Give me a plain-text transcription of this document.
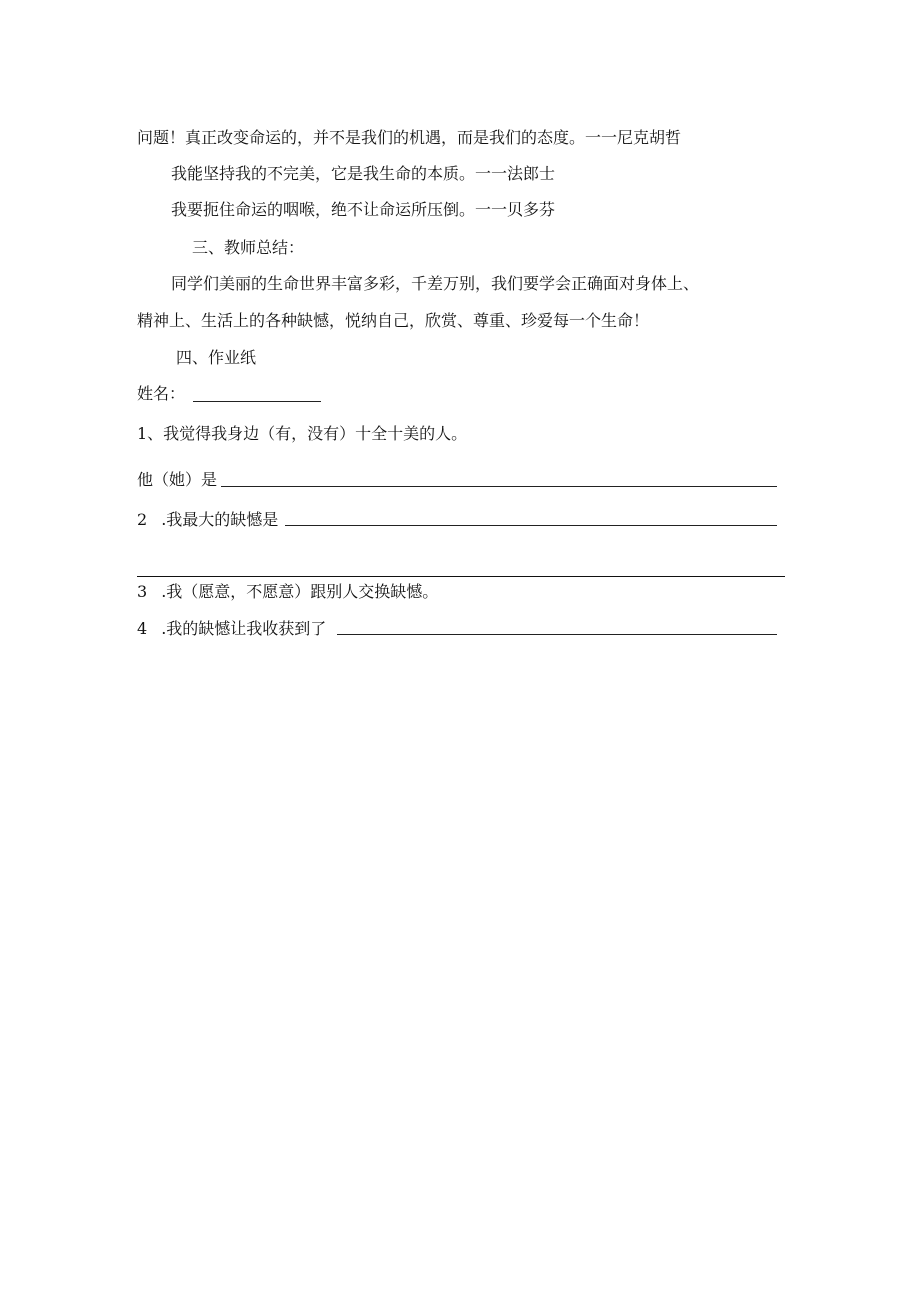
问题！真正改变命运的，并不是我们的机遇，而是我们的态度。一一尼克胡哲
我能坚持我的不完美，它是我生命的本质。一一法郎士
我要扼住命运的咽喉，绝不让命运所压倒。一一贝多芬
三、教师总结：
同学们美丽的生命世界丰富多彩，千差万别，我们要学会正确面对身体上、
精神上、生活上的各种缺憾，悦纳自己，欣赏、尊重、珍爱每一个生命！
四、作业纸
姓名：
1、我觉得我身边（有，没有）十全十美的人。
他（她）是
2 .我最大的缺憾是
3 .我（愿意，不愿意）跟别人交换缺憾。
4 .我的缺憾让我收获到了
